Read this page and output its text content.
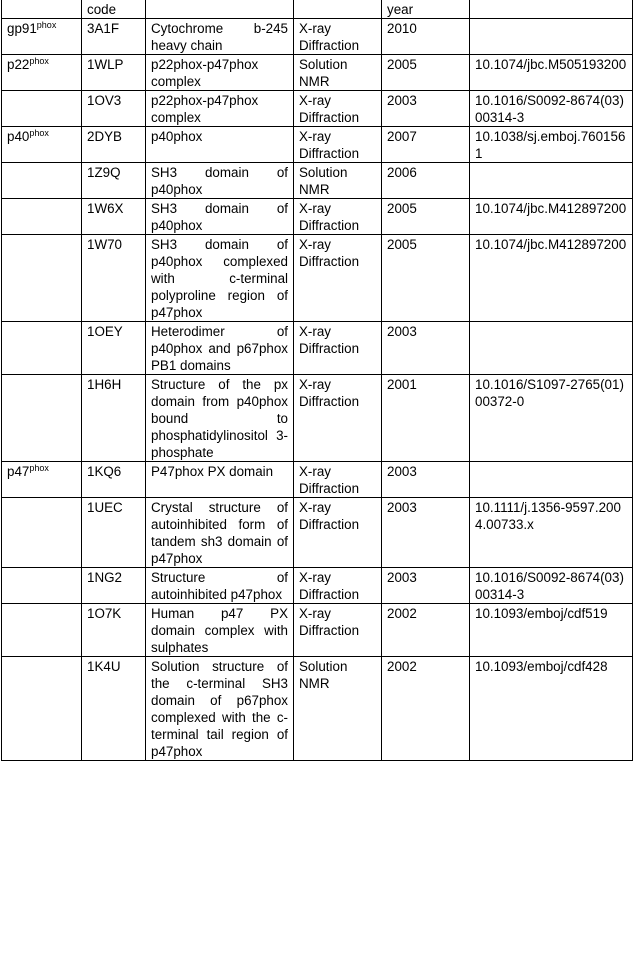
	code			year	
$gp91^{phox}$	3A1F	Cytochrome b-245 heavy chain	X-ray Diffraction	2010	
$p22^{phox}$	1WLP	p22phox-p47phox complex	Solution NMR	2005	10.1074/jbc.M505193200
	1OV3	p22phox-p47phox complex	X-ray Diffraction	2003	10.1016/S0092-8674(03)00314-3
$p40^{phox}$	2DYB	p40phox	X-ray Diffraction	2007	10.1038/sj.emboj.7601561
	1Z9Q	SH3 domain of p40phox	Solution NMR	2006	
	1W6X	SH3 domain of p40phox	X-ray Diffraction	2005	10.1074/jbc.M412897200
	1W70	SH3 domain of p40phox complexed with c-terminal polyproline region of p47phox	X-ray Diffraction	2005	10.1074/jbc.M412897200
	1OEY	Heterodimer of p40phox and p67phox PB1 domains	X-ray Diffraction	2003	
	1H6H	Structure of the px domain from p40phox bound to phosphatidylinositol 3-phosphate	X-ray Diffraction	2001	10.1016/S1097-2765(01)00372-0
$p47^{phox}$	1KQ6	P47phox PX domain	X-ray Diffraction	2003	
	1UEC	Crystal structure of autoinhibited form of tandem sh3 domain of p47phox	X-ray Diffraction	2003	10.1111/j.1356-9597.2004.00733.x
	1NG2	Structure of autoinhibited p47phox	X-ray Diffraction	2003	10.1016/S0092-8674(03)00314-3
	1O7K	Human p47 PX domain complex with sulphates	X-ray Diffraction	2002	10.1093/emboj/cdf519
	1K4U	Solution structure of the c-terminal SH3 domain of p67phox complexed with the c-terminal tail region of p47phox	Solution NMR	2002	10.1093/emboj/cdf428
